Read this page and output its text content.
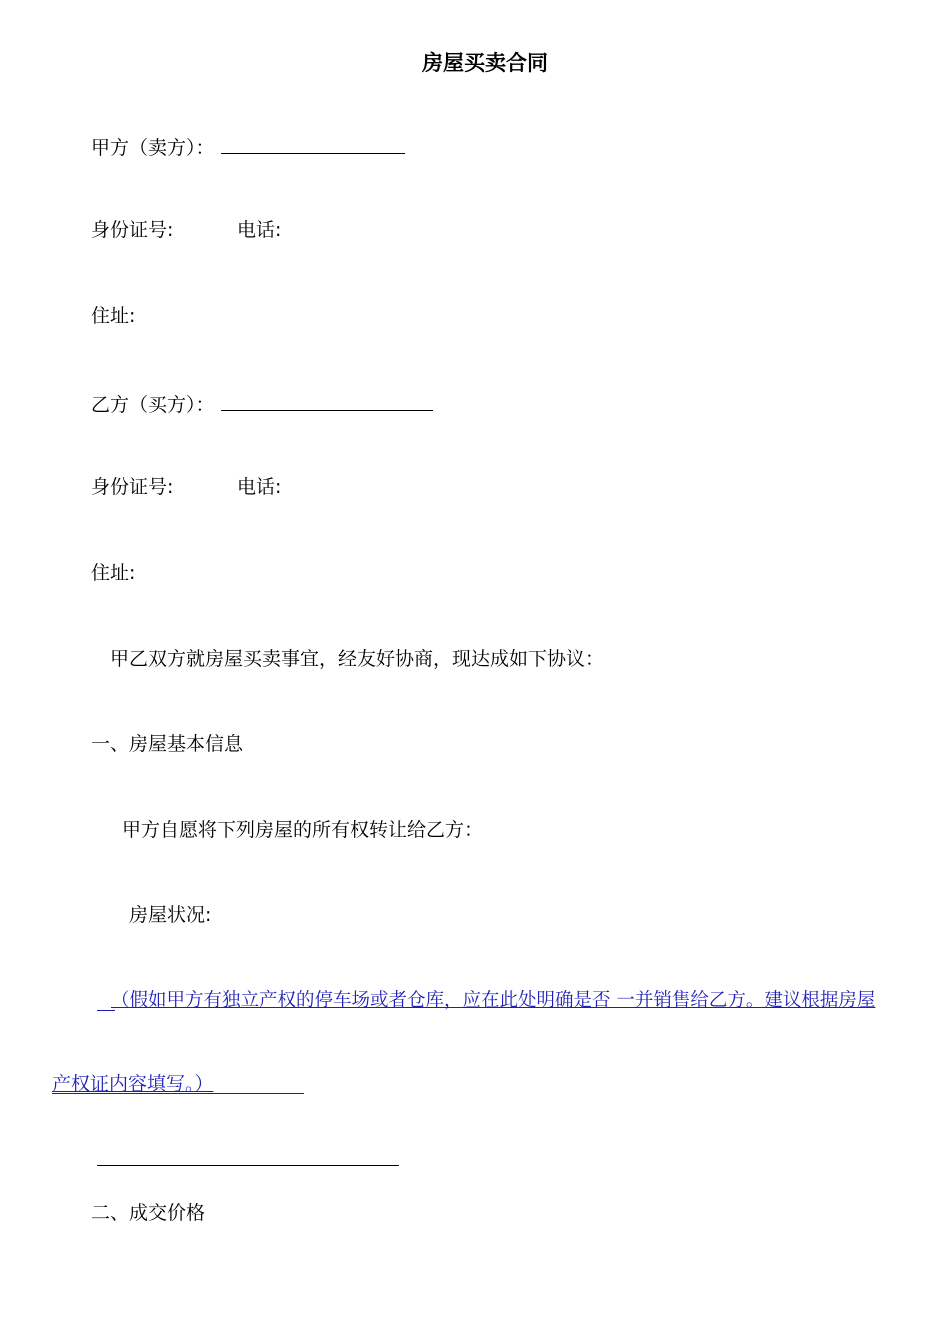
房屋买卖合同
甲方（卖方）：
身份证号:	电话:
住址:
乙方（买方）：
身份证号:	电话:
住址:
甲乙双方就房屋买卖事宜，经友好协商，现达成如下协议：
一、房屋基本信息
甲方自愿将下列房屋的所有权转让给乙方：
房屋状况:
（假如甲方有独立产权的停车场或者仓库，应在此处明确是否 一并销售给乙方。建议根据房屋
产权证内容填写。）
二、成交价格
